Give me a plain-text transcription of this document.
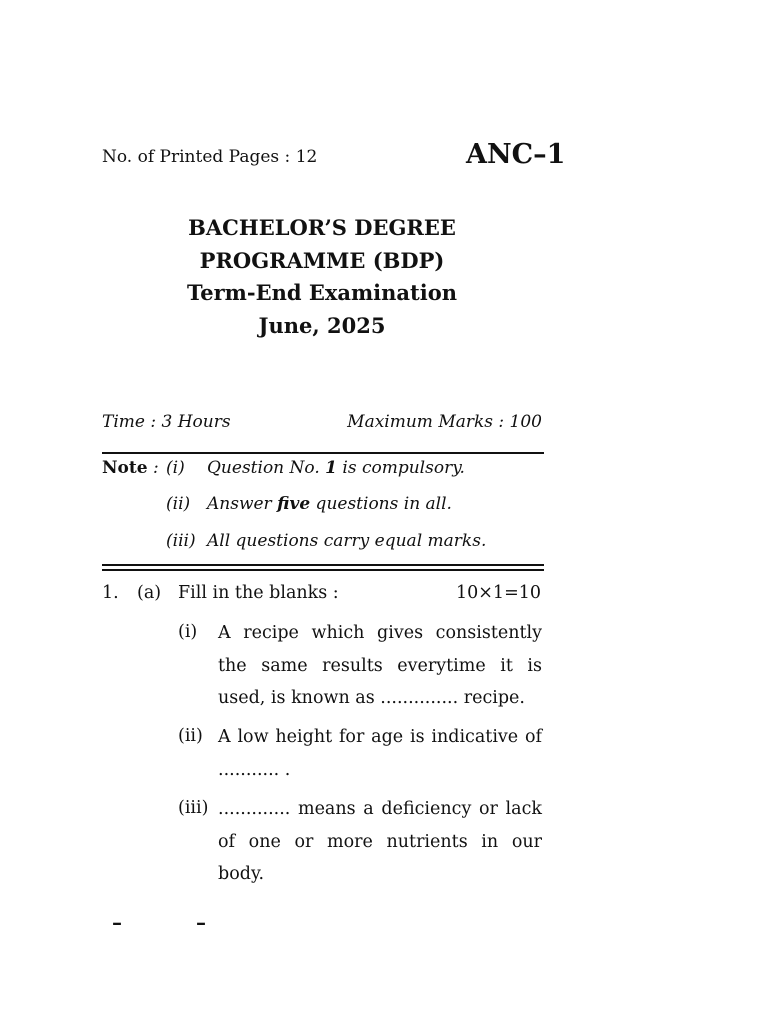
No. of Printed Pages : 12	ANC–1
BACHELOR’S DEGREE
PROGRAMME (BDP)
Term-End Examination
June, 2025
Time : 3 Hours	Maximum Marks : 100
Note : (i) Question No. 1 is compulsory.
(ii) Answer five questions in all.
(iii) All questions carry equal marks.
1. (a) Fill in the blanks :	10×1=10
(i) A recipe which gives consistently the same results everytime it is used, is known as .............. recipe.
(ii) A low height for age is indicative of ........... .
(iii) ............. means a deficiency or lack of one or more nutrients in our body.
–	–
